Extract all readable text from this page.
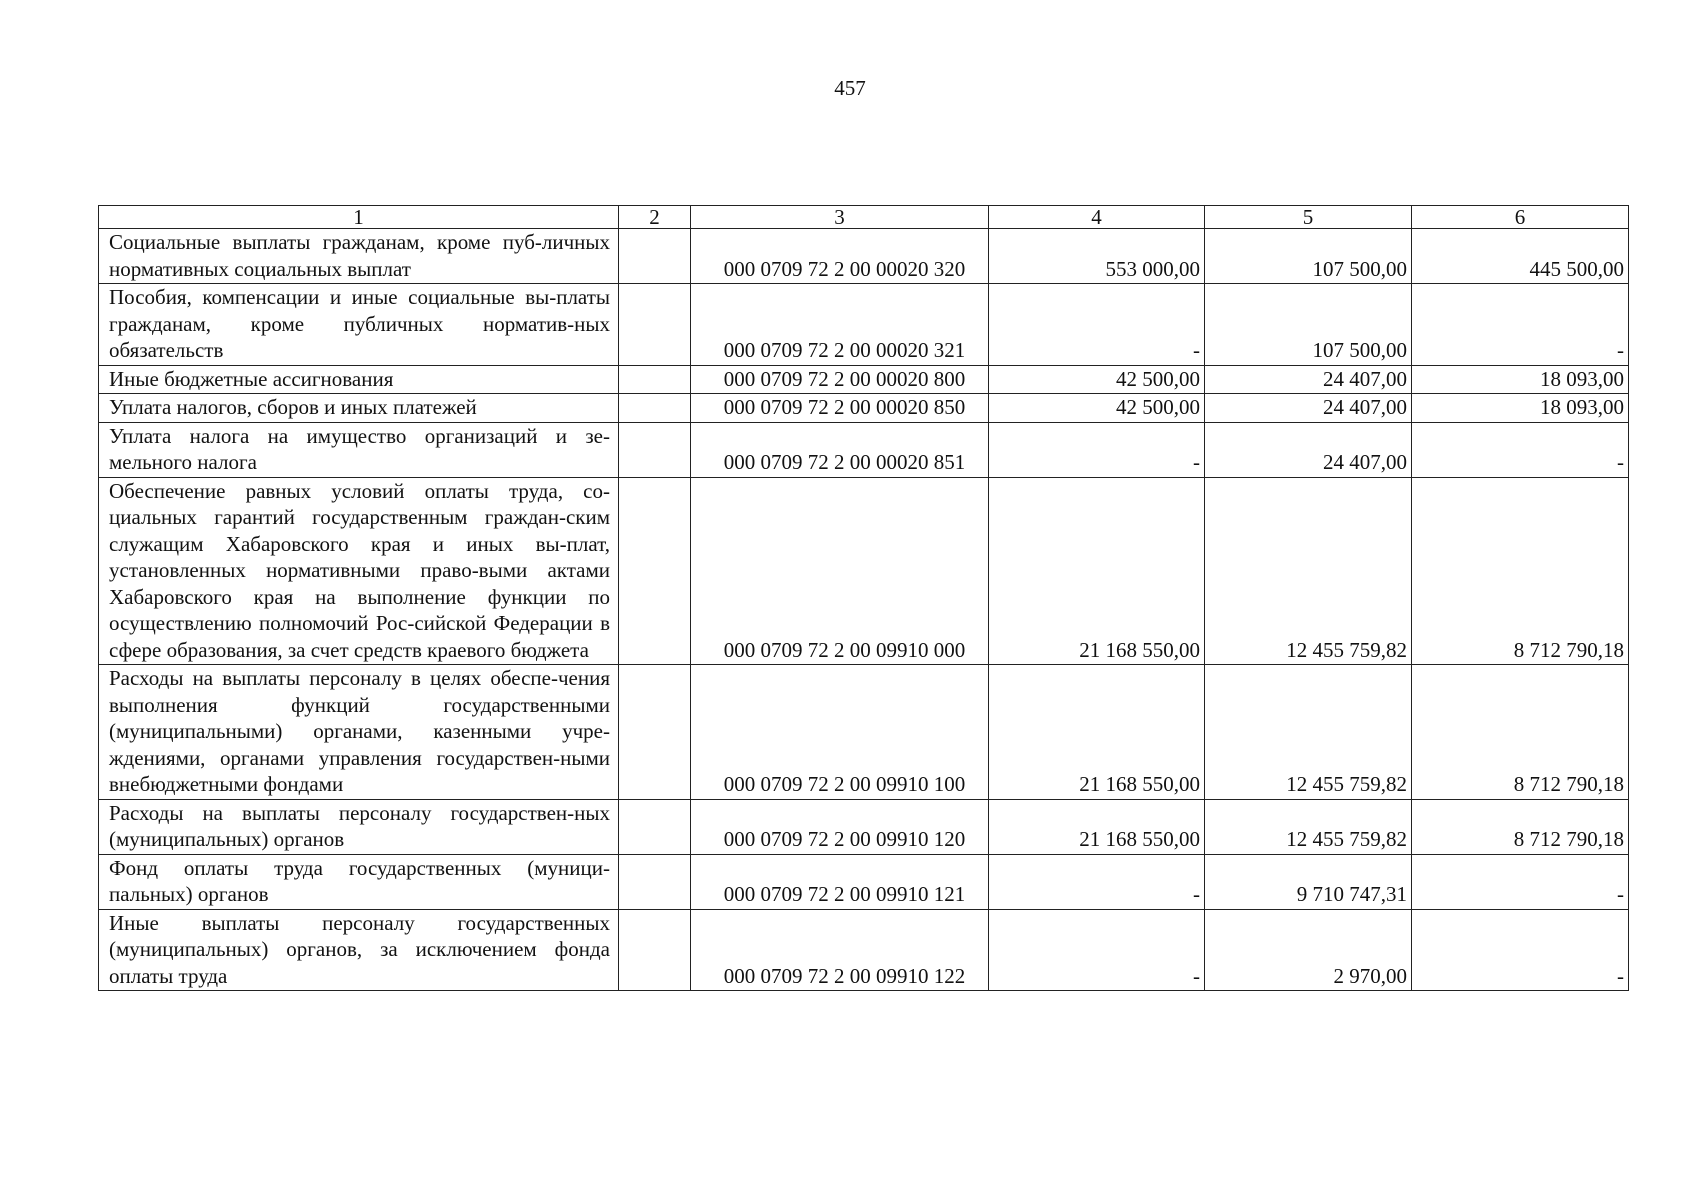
457
1	2	3	4	5	6
Социальные выплаты гражданам, кроме пуб-личных нормативных социальных выплат		000 0709 72 2 00 00020 320	553 000,00	107 500,00	445 500,00
Пособия, компенсации и иные социальные вы-платы гражданам, кроме публичных норматив-ных обязательств		000 0709 72 2 00 00020 321	-	107 500,00	-
Иные бюджетные ассигнования		000 0709 72 2 00 00020 800	42 500,00	24 407,00	18 093,00
Уплата налогов, сборов и иных платежей		000 0709 72 2 00 00020 850	42 500,00	24 407,00	18 093,00
Уплата налога на имущество организаций и зе-мельного налога		000 0709 72 2 00 00020 851	-	24 407,00	-
Обеспечение равных условий оплаты труда, со-циальных гарантий государственным граждан-ским служащим Хабаровского края и иных вы-плат, установленных нормативными право-выми актами Хабаровского края на выполнение функции по осуществлению полномочий Рос-сийской Федерации в сфере образования, за счет средств краевого бюджета		000 0709 72 2 00 09910 000	21 168 550,00	12 455 759,82	8 712 790,18
Расходы на выплаты персоналу в целях обеспе-чения выполнения функций государственными (муниципальными) органами, казенными учре-ждениями, органами управления государствен-ными внебюджетными фондами		000 0709 72 2 00 09910 100	21 168 550,00	12 455 759,82	8 712 790,18
Расходы на выплаты персоналу государствен-ных (муниципальных) органов		000 0709 72 2 00 09910 120	21 168 550,00	12 455 759,82	8 712 790,18
Фонд оплаты труда государственных (муници-пальных) органов		000 0709 72 2 00 09910 121	-	9 710 747,31	-
Иные выплаты персоналу государственных (муниципальных) органов, за исключением фонда оплаты труда		000 0709 72 2 00 09910 122	-	2 970,00	-
